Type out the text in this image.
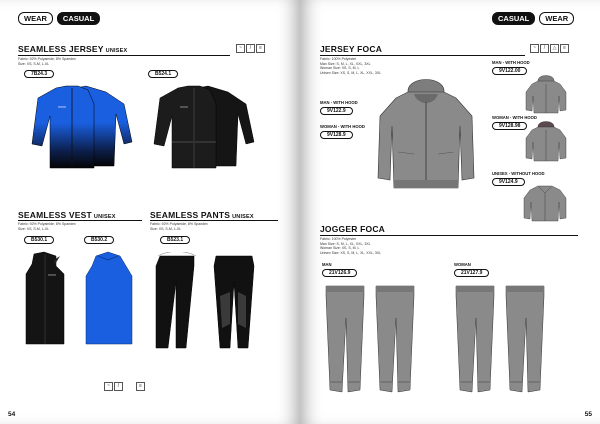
WEAR	CASUAL
SEAMLESS JERSEY UNISEX	~	/	≡
Fabric: 92% Polyamide, 8% Spandex
Size: XS, S-M, L-XL
7B24.3	B524.1
XXXX	XXXX
SEAMLESS VEST UNISEX
Fabric: 92% Polyamide, 8% Spandex
Size: XS, S-M, L-XL
B530.1	B530.2
XXXX
SEAMLESS PANTS UNISEX
Fabric: 92% Polyamide, 8% Spandex
Size: XS, S-M, L-XL
B523.1
~	/	≡
54
CASUAL	WEAR
JERSEY FOCA	~	/	△	≡
Fabric: 100% Polyester
Man Size: S, M, L, XL, XXL, 3XL
Woman Size: XS, S, M, L
Unisex Size: XS, S, M, L, XL, XXL, 3XL
MAN - WITH HOOD
9V122.9
WOMAN - WITH HOOD
9V128.9
MAN - WITH HOOD
9V122.00
WOMAN - WITH HOOD
9V128.98
UNISEX - WITHOUT HOOD
9V124.9
JOGGER FOCA
Fabric: 100% Polyester
Man Size: S, M, L, XL, XXL, 3XL
Woman Size: XS, S, M, L
Unisex Size: XS, S, M, L, XL, XXL, 3XL
MAN
21V126.9
WOMAN
21V127.9
55
